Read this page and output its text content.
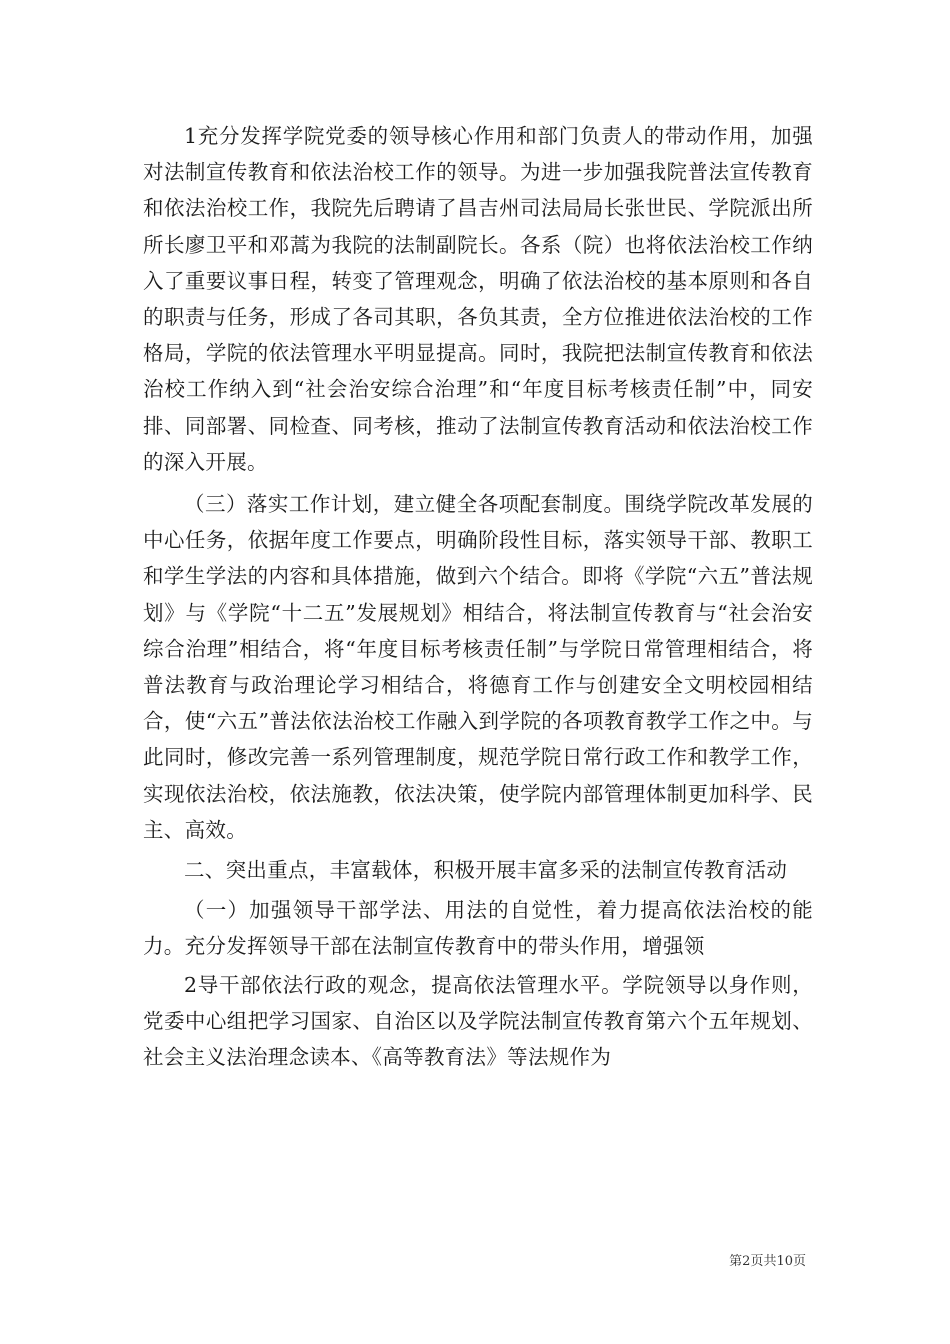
1充分发挥学院党委的领导核心作用和部门负责人的带动作用，加强对法制宣传教育和依法治校工作的领导。为进一步加强我院普法宣传教育和依法治校工作，我院先后聘请了昌吉州司法局局长张世民、学院派出所所长廖卫平和邓蒿为我院的法制副院长。各系（院）也将依法治校工作纳入了重要议事日程，转变了管理观念，明确了依法治校的基本原则和各自的职责与任务，形成了各司其职，各负其责，全方位推进依法治校的工作格局，学院的依法管理水平明显提高。同时，我院把法制宣传教育和依法治校工作纳入到“社会治安综合治理”和“年度目标考核责任制”中，同安排、同部署、同检查、同考核，推动了法制宣传教育活动和依法治校工作的深入开展。

（三）落实工作计划，建立健全各项配套制度。围绕学院改革发展的中心任务，依据年度工作要点，明确阶段性目标，落实领导干部、教职工和学生学法的内容和具体措施，做到六个结合。即将《学院“六五”普法规划》与《学院“十二五”发展规划》相结合，将法制宣传教育与“社会治安综合治理”相结合，将“年度目标考核责任制”与学院日常管理相结合，将普法教育与政治理论学习相结合，将德育工作与创建安全文明校园相结合，使“六五”普法依法治校工作融入到学院的各项教育教学工作之中。与此同时，修改完善一系列管理制度，规范学院日常行政工作和教学工作，实现依法治校，依法施教，依法决策，使学院内部管理体制更加科学、民主、高效。

二、突出重点，丰富载体，积极开展丰富多采的法制宣传教育活动

（一）加强领导干部学法、用法的自觉性，着力提高依法治校的能力。充分发挥领导干部在法制宣传教育中的带头作用，增强领

2导干部依法行政的观念，提高依法管理水平。学院领导以身作则，党委中心组把学习国家、自治区以及学院法制宣传教育第六个五年规划、社会主义法治理念读本、《高等教育法》等法规作为

第2页共10页
